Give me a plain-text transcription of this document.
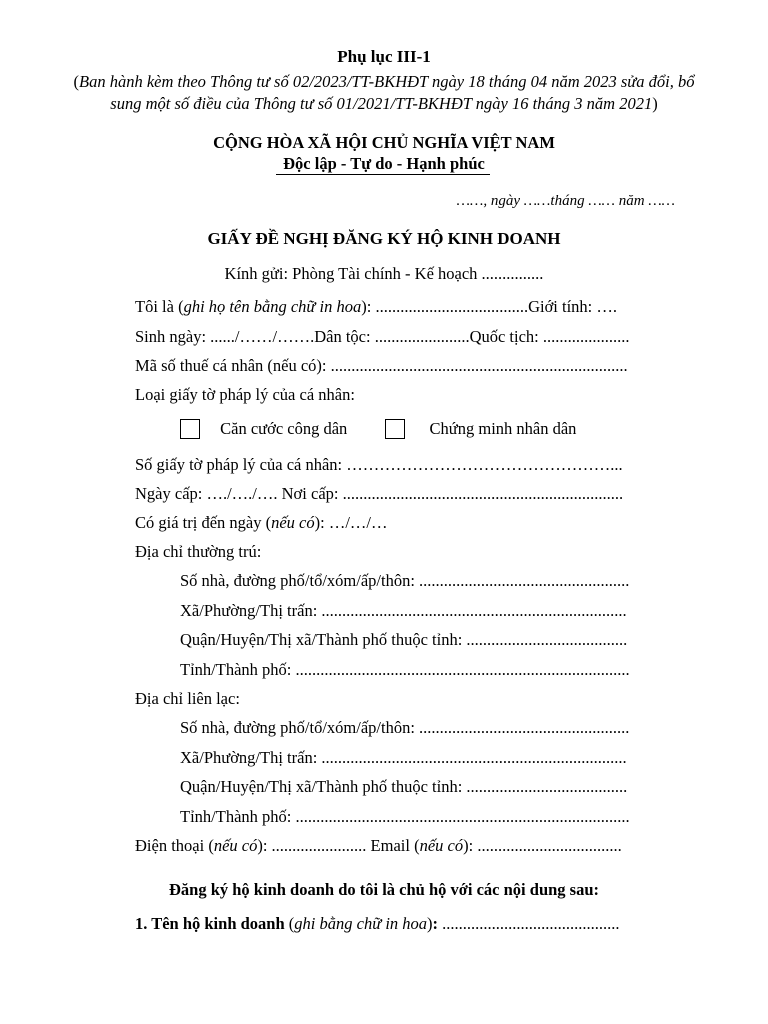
Phụ lục III-1
(Ban hành kèm theo Thông tư số 02/2023/TT-BKHĐT ngày 18 tháng 04 năm 2023 sửa đổi, bổ
sung một số điều của Thông tư số 01/2021/TT-BKHĐT ngày 16 tháng 3 năm 2021)
CỘNG HÒA XÃ HỘI CHỦ NGHĨA VIỆT NAM
Độc lập - Tự do - Hạnh phúc
……, ngày ……tháng …… năm ……
GIẤY ĐỀ NGHỊ ĐĂNG KÝ HỘ KINH DOANH
Kính gửi: Phòng Tài chính - Kế hoạch ...............
Tôi là (ghi họ tên bằng chữ in hoa): .....................................Giới tính: ….
Sinh ngày: ....../……/…….Dân tộc: .......................Quốc tịch: .....................
Mã số thuế cá nhân (nếu có): ........................................................................
Loại giấy tờ pháp lý của cá nhân:
Căn cước công dân	Chứng minh nhân dân
Số giấy tờ pháp lý của cá nhân: …………………………………………...
Ngày cấp: …./…./…. Nơi cấp: ....................................................................
Có giá trị đến ngày (nếu có): …/…/…
Địa chỉ thường trú:
Số nhà, đường phố/tổ/xóm/ấp/thôn: ...................................................
Xã/Phường/Thị trấn: ..........................................................................
Quận/Huyện/Thị xã/Thành phố thuộc tỉnh: .......................................
Tỉnh/Thành phố: .................................................................................
Địa chỉ liên lạc:
Số nhà, đường phố/tổ/xóm/ấp/thôn: ...................................................
Xã/Phường/Thị trấn: ..........................................................................
Quận/Huyện/Thị xã/Thành phố thuộc tỉnh: .......................................
Tỉnh/Thành phố: .................................................................................
Điện thoại (nếu có): ....................... Email (nếu có): ...................................
Đăng ký hộ kinh doanh do tôi là chủ hộ với các nội dung sau:
1. Tên hộ kinh doanh (ghi bằng chữ in hoa): ...........................................
